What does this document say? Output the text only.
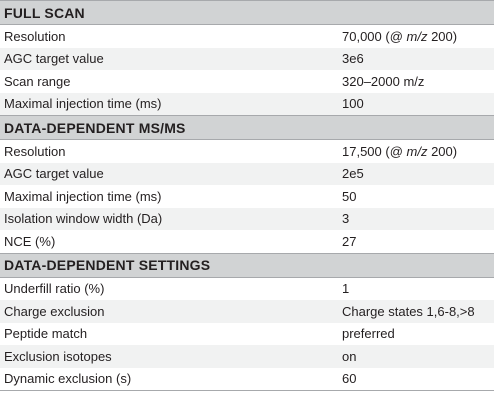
FULL SCAN	
Resolution	70,000 (@ m/z 200)
AGC target value	3e6
Scan range	320–2000 m/z
Maximal injection time (ms)	100
DATA-DEPENDENT MS/MS	
Resolution	17,500 (@ m/z 200)
AGC target value	2e5
Maximal injection time (ms)	50
Isolation window width (Da)	3
NCE (%)	27
DATA-DEPENDENT SETTINGS	
Underfill ratio (%)	1
Charge exclusion	Charge states 1,6-8,>8
Peptide match	preferred
Exclusion isotopes	on
Dynamic exclusion (s)	60
